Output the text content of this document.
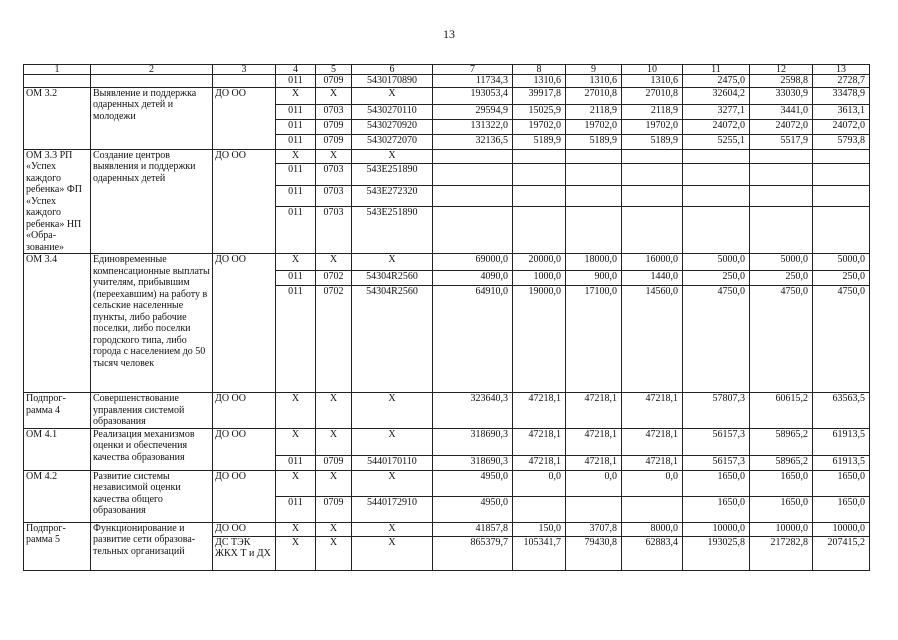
13
1	2	3	4	5	6	7	8	9	10	11	12	13
			011	0709	5430170890	11734,3	1310,6	1310,6	1310,6	2475,0	2598,8	2728,7
ОМ 3.2	Выявление и поддержка одаренных детей и молодежи	ДО ОО	Х	Х	Х	193053,4	39917,8	27010,8	27010,8	32604,2	33030,9	33478,9
			011	0703	5430270110	29594,9	15025,9	2118,9	2118,9	3277,1	3441,0	3613,1
			011	0709	5430270920	131322,0	19702,0	19702,0	19702,0	24072,0	24072,0	24072,0
			011	0709	5430272070	32136,5	5189,9	5189,9	5189,9	5255,1	5517,9	5793,8
ОМ 3.3 РП «Успех каждого ребенка» ФП «Успех каждого ребенка» НП «Обра-зование»	Создание центров выявления и поддержки одаренных детей	ДО ОО	Х	Х	Х							
			011	0703	543Е251890							
			011	0703	543Е272320							
			011	0703	543Е251890							
ОМ 3.4	Единовременные компенсационные выплаты учителям, прибывшим (переехавшим) на работу в сельские населенные пункты, либо рабочие поселки, либо поселки городского типа, либо города с населением до 50 тысяч человек	ДО ОО	Х	Х	Х	69000,0	20000,0	18000,0	16000,0	5000,0	5000,0	5000,0
			011	0702	54304R2560	4090,0	1000,0	900,0	1440,0	250,0	250,0	250,0
			011	0702	54304R2560	64910,0	19000,0	17100,0	14560,0	4750,0	4750,0	4750,0
Подпрог-рамма 4	Совершенствование управления системой образования	ДО ОО	Х	Х	Х	323640,3	47218,1	47218,1	47218,1	57807,3	60615,2	63563,5
ОМ 4.1	Реализация механизмов оценки и обеспечения качества образования	ДО ОО	Х	Х	Х	318690,3	47218,1	47218,1	47218,1	56157,3	58965,2	61913,5
			011	0709	5440170110	318690,3	47218,1	47218,1	47218,1	56157,3	58965,2	61913,5
ОМ 4.2	Развитие системы независимой оценки качества общего образования	ДО ОО	Х	Х	Х	4950,0	0,0	0,0	0,0	1650,0	1650,0	1650,0
			011	0709	5440172910	4950,0				1650,0	1650,0	1650,0
Подпрог-рамма 5	Функционирование и развитие сети образова-тельных организаций	ДО ОО	Х	Х	Х	41857,8	150,0	3707,8	8000,0	10000,0	10000,0	10000,0
		ДС ТЭК ЖКХ Т и ДХ	Х	Х	Х	865379,7	105341,7	79430,8	62883,4	193025,8	217282,8	207415,2
